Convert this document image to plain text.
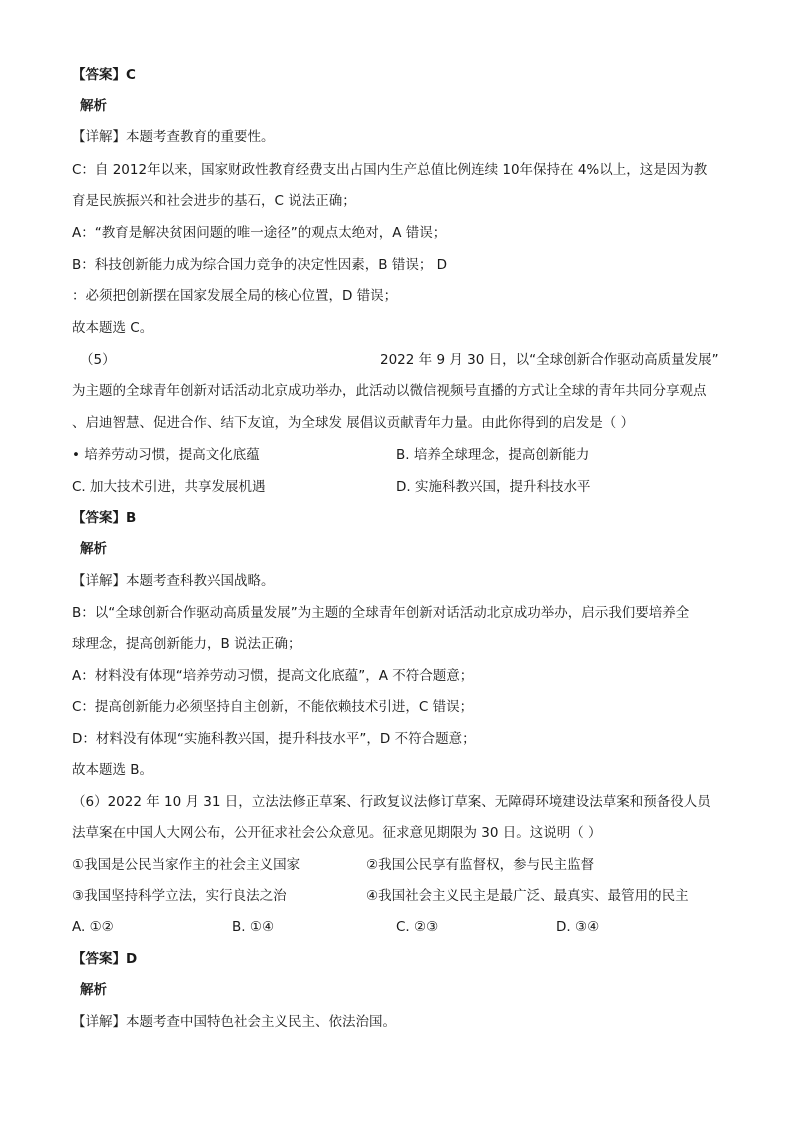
【答案】C
解析
【详解】本题考查教育的重要性。
C：自 2012年以来，国家财政性教育经费支出占国内生产总值比例连续 10年保持在 4%以上，这是因为教
育是民族振兴和社会进步的基石，C 说法正确；
A：“教育是解决贫困问题的唯一途径”的观点太绝对，A 错误；
B：科技创新能力成为综合国力竞争的决定性因素，B 错误； D
：必须把创新摆在国家发展全局的核心位置，D 错误；
故本题选 C。
（5）	2022 年 9 月 30 日，以“全球创新合作驱动高质量发展”
为主题的全球青年创新对话活动北京成功举办，此活动以微信视频号直播的方式让全球的青年共同分享观点
、启迪智慧、促进合作、结下友谊，为全球发 展倡议贡献青年力量。由此你得到的启发是（ ）
• 培养劳动习惯，提高文化底蕴	B. 培养全球理念，提高创新能力
C. 加大技术引进，共享发展机遇	D. 实施科教兴国，提升科技水平
【答案】B
解析
【详解】本题考查科教兴国战略。
B：以“全球创新合作驱动高质量发展”为主题的全球青年创新对话活动北京成功举办，启示我们要培养全
球理念，提高创新能力，B 说法正确；
A：材料没有体现“培养劳动习惯，提高文化底蕴”，A 不符合题意；
C：提高创新能力必须坚持自主创新，不能依赖技术引进，C 错误；
D：材料没有体现“实施科教兴国，提升科技水平”，D 不符合题意；
故本题选 B。
（6）2022 年 10 月 31 日，立法法修正草案、行政复议法修订草案、无障碍环境建设法草案和预备役人员
法草案在中国人大网公布，公开征求社会公众意见。征求意见期限为 30 日。这说明（ ）
①我国是公民当家作主的社会主义国家	②我国公民享有监督权，参与民主监督
③我国坚持科学立法，实行良法之治	④我国社会主义民主是最广泛、最真实、最管用的民主
A. ①②	B. ①④	C. ②③	D. ③④
【答案】D
解析
【详解】本题考查中国特色社会主义民主、依法治国。
